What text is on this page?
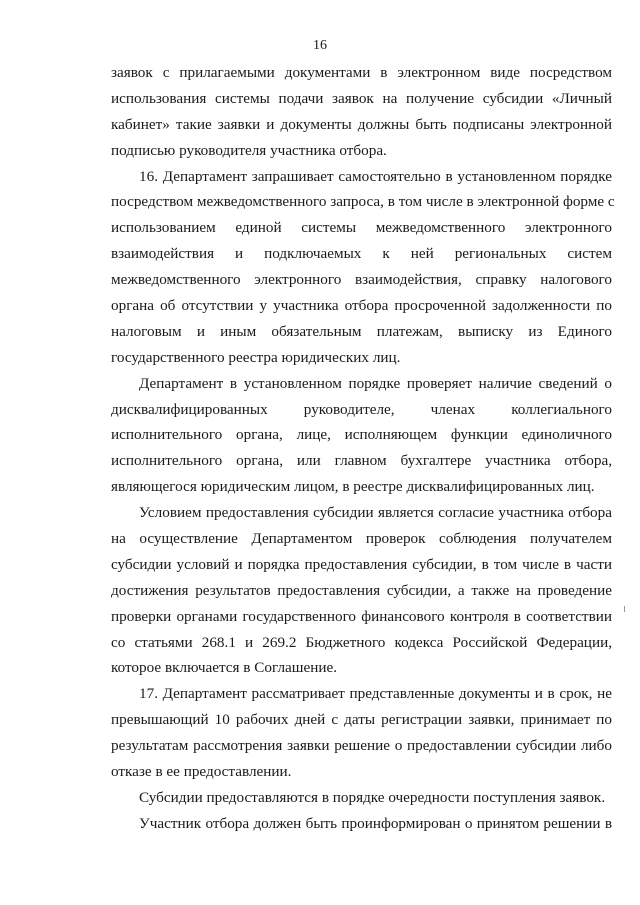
16
заявок с прилагаемыми документами в электронном виде посредством
использования системы подачи заявок на получение субсидии «Личный
кабинет» такие заявки и документы должны быть подписаны электронной
подписью руководителя участника отбора.
16. Департамент запрашивает самостоятельно в установленном порядке
посредством межведомственного запроса, в том числе в электронной форме с
использованием единой системы межведомственного электронного
взаимодействия и подключаемых к ней региональных систем
межведомственного электронного взаимодействия, справку налогового
органа об отсутствии у участника отбора просроченной задолженности по
налоговым и иным обязательным платежам, выписку из Единого
государственного реестра юридических лиц.
Департамент в установленном порядке проверяет наличие сведений о
дисквалифицированных руководителе, членах коллегиального
исполнительного органа, лице, исполняющем функции единоличного
исполнительного органа, или главном бухгалтере участника отбора,
являющегося юридическим лицом, в реестре дисквалифицированных лиц.
Условием предоставления субсидии является согласие участника отбора
на осуществление Департаментом проверок соблюдения получателем
субсидии условий и порядка предоставления субсидии, в том числе в части
достижения результатов предоставления субсидии, а также на проведение
проверки органами государственного финансового контроля в соответствии
со статьями 268.1 и 269.2 Бюджетного кодекса Российской Федерации,
которое включается в Соглашение.
17. Департамент рассматривает представленные документы и в срок, не
превышающий 10 рабочих дней с даты регистрации заявки, принимает по
результатам рассмотрения заявки решение о предоставлении субсидии либо
отказе в ее предоставлении.
Субсидии предоставляются в порядке очередности поступления заявок.
Участник отбора должен быть проинформирован о принятом решении в
